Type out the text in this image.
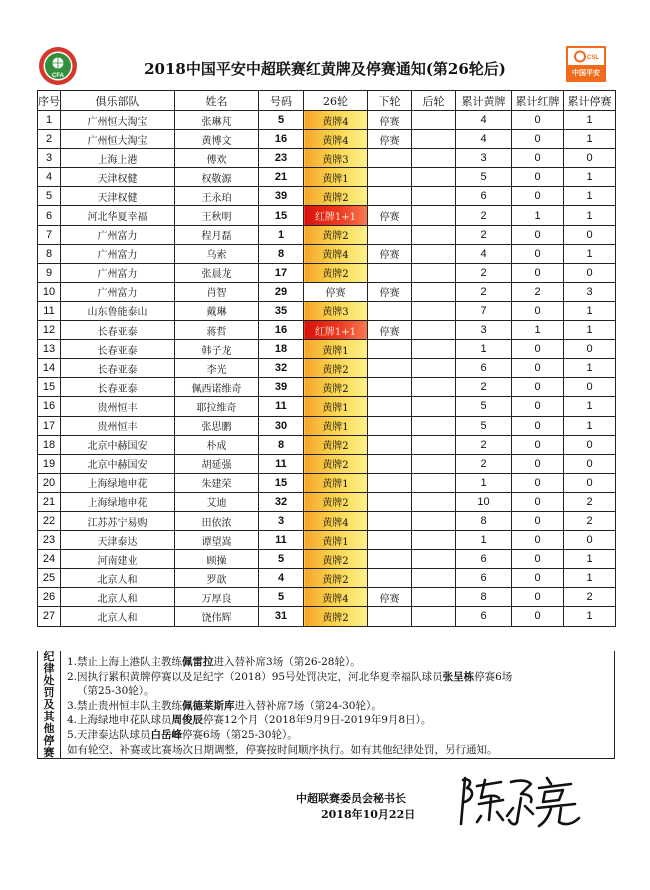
CFA
CSL
中国平安
2018中国平安中超联赛红黄牌及停赛通知(第26轮后)
序号	俱乐部队	姓名	号码	26轮	下轮	后轮	累计黄牌	累计红牌	累计停赛
1	广州恒大淘宝	张琳芃	5	黄牌4	停赛		4	0	1
2	广州恒大淘宝	黄博文	16	黄牌4	停赛		4	0	1
3	上海上港	傅欢	23	黄牌3			3	0	0
4	天津权健	权敬源	21	黄牌1			5	0	1
5	天津权健	王永珀	39	黄牌2			6	0	1
6	河北华夏幸福	王秋明	15	红牌1+1	停赛		2	1	1
7	广州富力	程月磊	1	黄牌2			2	0	0
8	广州富力	乌索	8	黄牌4	停赛		4	0	1
9	广州富力	张晨龙	17	黄牌2			2	0	0
10	广州富力	肖智	29	停赛	停赛		2	2	3
11	山东鲁能泰山	戴琳	35	黄牌3			7	0	1
12	长春亚泰	蒋哲	16	红牌1+1	停赛		3	1	1
13	长春亚泰	韩子龙	18	黄牌1			1	0	0
14	长春亚泰	李光	32	黄牌2			6	0	1
15	长春亚泰	佩西诺维奇	39	黄牌2			2	0	0
16	贵州恒丰	耶拉维奇	11	黄牌1			5	0	1
17	贵州恒丰	张思鹏	30	黄牌1			5	0	1
18	北京中赫国安	朴成	8	黄牌2			2	0	0
19	北京中赫国安	胡延强	11	黄牌2			2	0	0
20	上海绿地申花	朱建荣	15	黄牌1			1	0	0
21	上海绿地申花	艾迪	32	黄牌2			10	0	2
22	江苏苏宁易购	田依浓	3	黄牌4			8	0	2
23	天津泰达	谭望嵩	11	黄牌1			1	0	0
24	河南建业	顾操	5	黄牌2			6	0	1
25	北京人和	罗歆	4	黄牌2			6	0	1
26	北京人和	万厚良	5	黄牌4	停赛		8	0	2
27	北京人和	饶伟辉	31	黄牌2			6	0	1
纪律处罚及其他停赛
1.禁止上海上港队主教练佩雷拉进入替补席3场（第26-28轮）。
2.因执行累积黄牌停赛以及足纪字（2018）95号处罚决定，河北华夏幸福队球员张呈栋停赛6场
（第25-30轮）。
3.禁止贵州恒丰队主教练佩德莱斯库进入替补席7场（第24-30轮）。
4.上海绿地申花队球员周俊辰停赛12个月（2018年9月9日-2019年9月8日）。
5.天津泰达队球员白岳峰停赛6场（第25-30轮）。
如有轮空、补赛或比赛场次日期调整，停赛按时间顺序执行。如有其他纪律处罚，另行通知。
中超联赛委员会秘书长
2018年10月22日
